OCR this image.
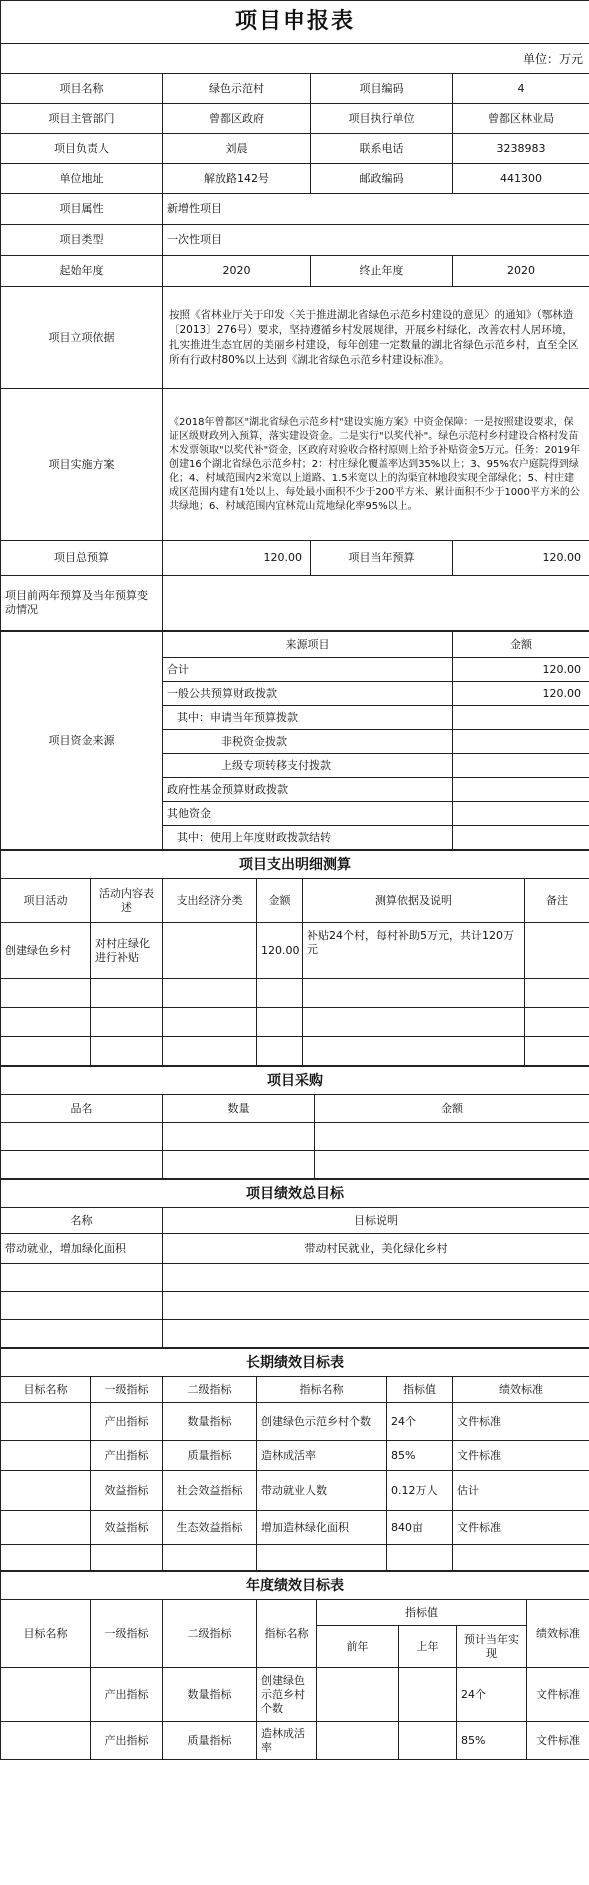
项目申报表			
单位：万元			
项目名称	绿色示范村	项目编码	4
项目主管部门	曾都区政府	项目执行单位	曾都区林业局
项目负责人	刘晨	联系电话	3238983
单位地址	解放路142号	邮政编码	441300
项目属性	新增性项目		
项目类型	一次性项目		
起始年度	2020	终止年度	2020
项目立项依据	按照《省林业厅关于印发〈关于推进湖北省绿色示范乡村建设的意见〉的通知》（鄂林造〔2013〕276号）要求，坚持遵循乡村发展规律，开展乡村绿化，改善农村人居环境，扎实推进生态宜居的美丽乡村建设，每年创建一定数量的湖北省绿色示范乡村，直至全区所有行政村80%以上达到《湖北省绿色示范乡村建设标准》。		
项目实施方案	《2018年曾都区"湖北省绿色示范乡村"建设实施方案》中资金保障：一是按照建设要求，保证区级财政列入预算，落实建设资金。二是实行"以奖代补"。绿色示范村乡村建设合格村发苗木发票领取"以奖代补"资金，区政府对验收合格村原则上给予补贴资金5万元。任务：2019年创建16个湖北省绿色示范乡村；2：村庄绿化覆盖率达到35%以上；3、95%农户庭院得到绿化；4、村域范围内2米宽以上道路、1.5米宽以上的沟渠宜林地段实现全部绿化；5、村庄建成区范围内建有1处以上、每处最小面积不少于200平方米、累计面积不少于1000平方米的公共绿地；6、村域范围内宜林荒山荒地绿化率95%以上。		
项目总预算	120.00	项目当年预算	120.00
项目前两年预算及当年预算变动情况			
项目资金来源	来源项目	金额
	合计	120.00
	一般公共预算财政拨款	120.00
	其中：申请当年预算拨款	
	非税资金拨款	
	上级专项转移支付拨款	
	政府性基金预算财政拨款	
	其他资金	
	其中：使用上年度财政拨款结转	
项目支出明细测算					
项目活动	活动内容表述	支出经济分类	金额	测算依据及说明	备注
创建绿色乡村	对村庄绿化进行补贴		120.00	补贴24个村，每村补助5万元，共计120万元	

项目采购		
品名	数量	金额

项目绩效总目标	
名称	目标说明
带动就业，增加绿化面积	带动村民就业，美化绿化乡村

长期绩效目标表					
目标名称	一级指标	二级指标	指标名称	指标值	绩效标准
	产出指标	数量指标	创建绿色示范乡村个数	24个	文件标准
	产出指标	质量指标	造林成活率	85%	文件标准
	效益指标	社会效益指标	带动就业人数	0.12万人	估计
	效益指标	生态效益指标	增加造林绿化面积	840亩	文件标准

年度绩效目标表							
目标名称	一级指标	二级指标	指标名称	指标值			绩效标准
				前年	上年	预计当年实现	
	产出指标	数量指标	创建绿色示范乡村个数			24个	文件标准
	产出指标	质量指标	造林成活率			85%	文件标准
